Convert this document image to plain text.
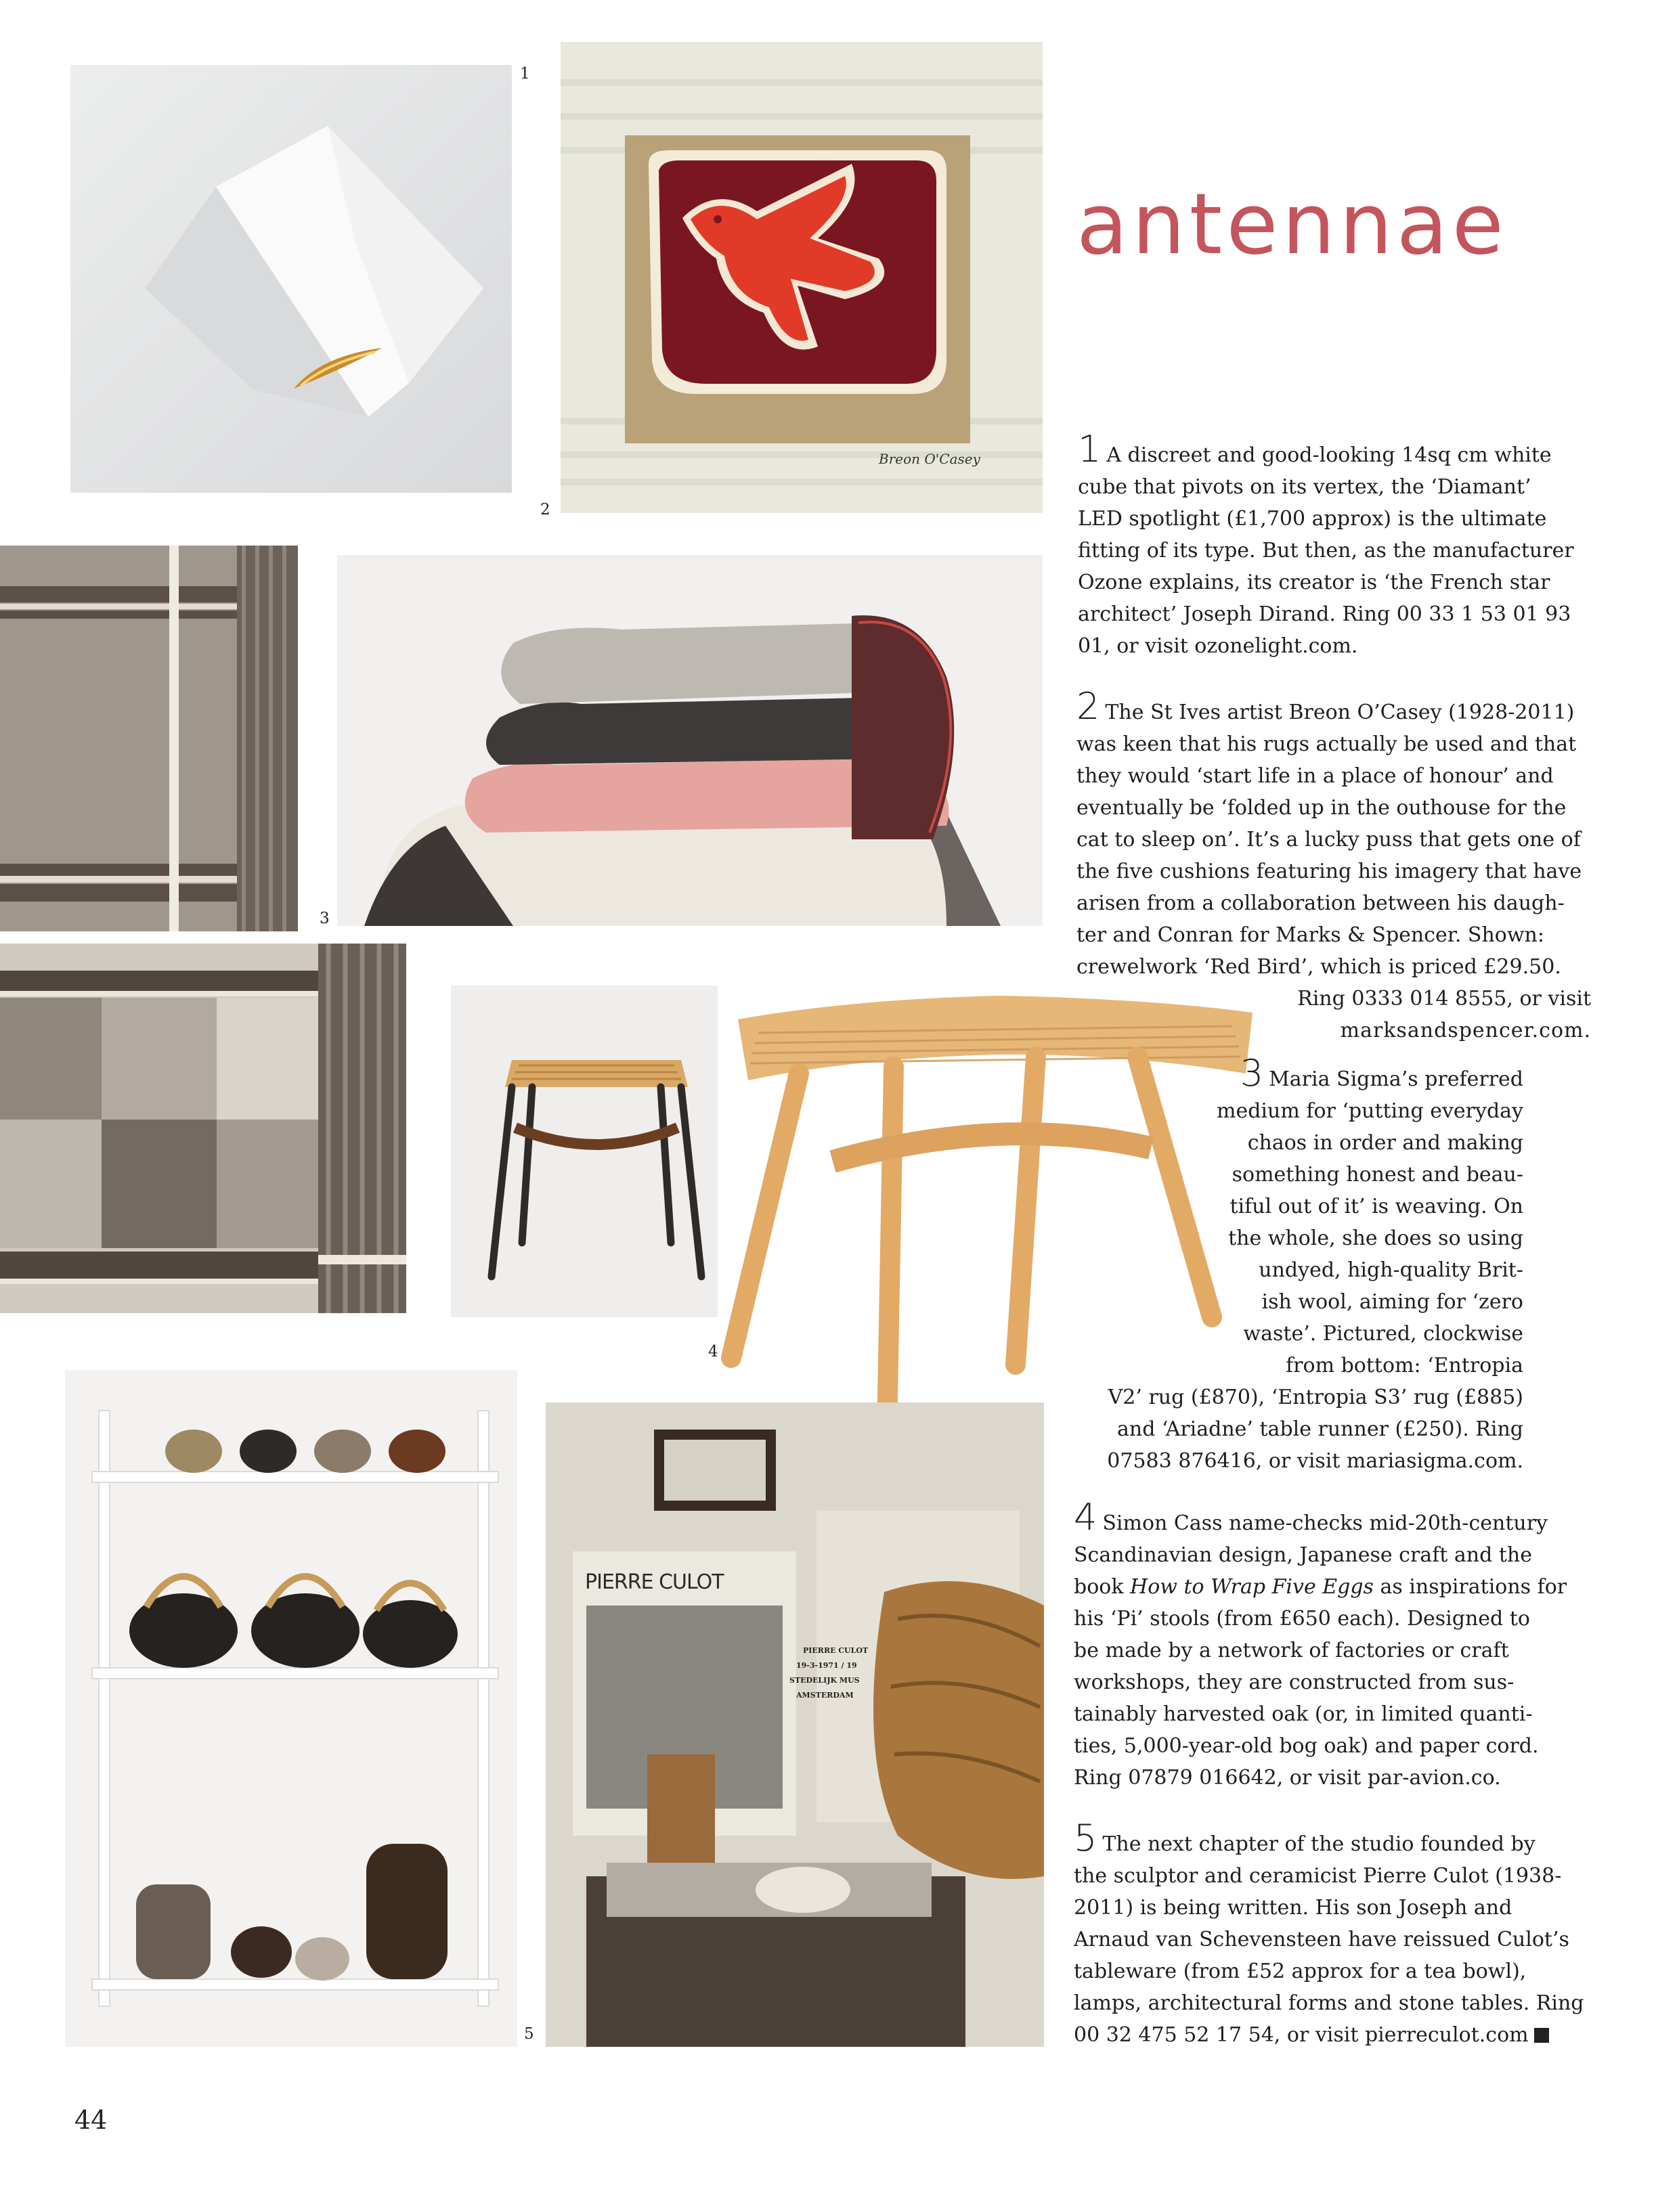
antennae
1
Breon O'Casey
2
3
4
PIERRE CULOT
PIERRE CULOT
19-3-1971 / 19
STEDELIJK MUS
AMSTERDAM
5
1 A discreet and good-looking 14sq cm white
cube that pivots on its vertex, the ‘Diamant’
LED spotlight (£1,700 approx) is the ultimate
fitting of its type. But then, as the manufacturer
Ozone explains, its creator is ‘the French star
architect’ Joseph Dirand. Ring 00 33 1 53 01 93
01, or visit ozonelight.com.
2 The St Ives artist Breon O’Casey (1928-2011)
was keen that his rugs actually be used and that
they would ‘start life in a place of honour’ and
eventually be ‘folded up in the outhouse for the
cat to sleep on’. It’s a lucky puss that gets one of
the five cushions featuring his imagery that have
arisen from a collaboration between his daugh-
ter and Conran for Marks & Spencer. Shown:
crewelwork ‘Red Bird’, which is priced £29.50.
Ring 0333 014 8555, or visit
marksandspencer.com.
3 Maria Sigma’s preferred
medium for ‘putting everyday
chaos in order and making
something honest and beau-
tiful out of it’ is weaving. On
the whole, she does so using
undyed, high-quality Brit-
ish wool, aiming for ‘zero
waste’. Pictured, clockwise
from bottom: ‘Entropia
V2’ rug (£870), ‘Entropia S3’ rug (£885)
and ‘Ariadne’ table runner (£250). Ring
07583 876416, or visit mariasigma.com.
4 Simon Cass name-checks mid-20th-century
Scandinavian design, Japanese craft and the
book How to Wrap Five Eggs as inspirations for
his ‘Pi’ stools (from £650 each). Designed to
be made by a network of factories or craft
workshops, they are constructed from sus-
tainably harvested oak (or, in limited quanti-
ties, 5,000-year-old bog oak) and paper cord.
Ring 07879 016642, or visit par-avion.co.
5 The next chapter of the studio founded by
the sculptor and ceramicist Pierre Culot (1938-
2011) is being written. His son Joseph and
Arnaud van Schevensteen have reissued Culot’s
tableware (from £52 approx for a tea bowl),
lamps, architectural forms and stone tables. Ring
00 32 475 52 17 54, or visit pierreculot.com
44
